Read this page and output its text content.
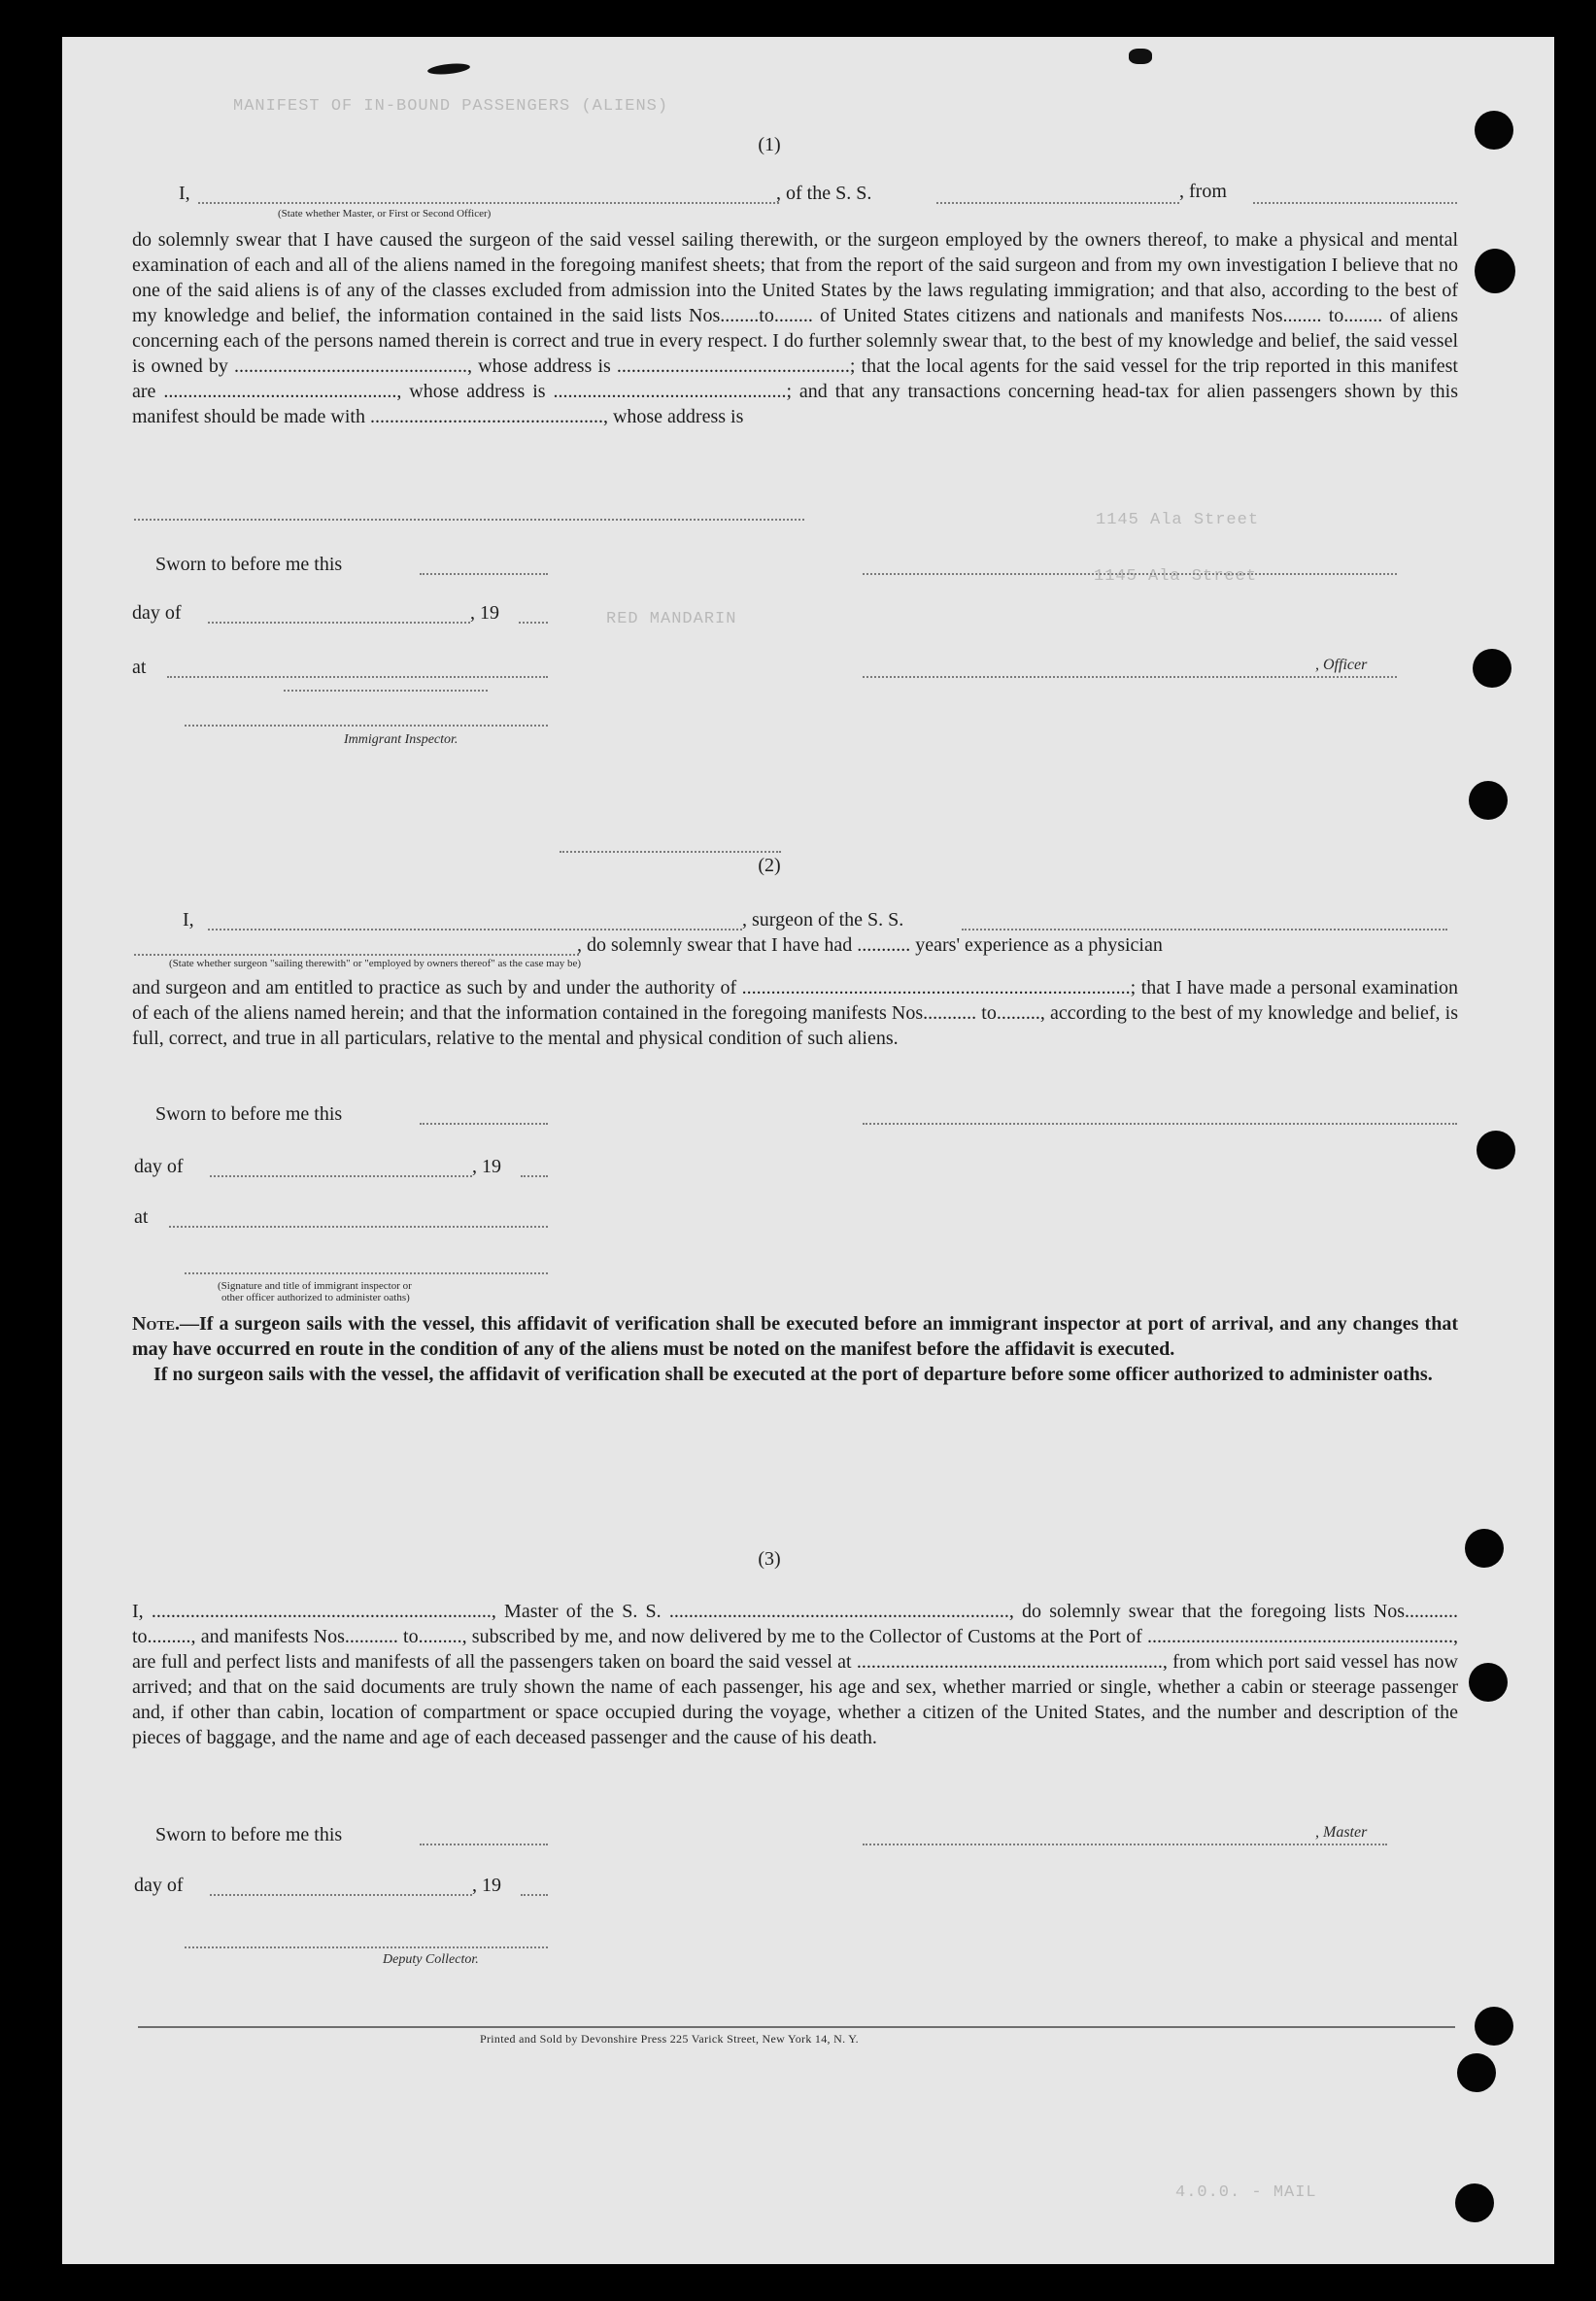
(1)
I,	, of the S. S.	, from
(State whether Master, or First or Second Officer)
do solemnly swear that I have caused the surgeon of the said vessel sailing therewith, or the surgeon employed by the owners thereof, to make a physical and mental examination of each and all of the aliens named in the foregoing manifest sheets; that from the report of the said surgeon and from my own investigation I believe that no one of the said aliens is of any of the classes excluded from admission into the United States by the laws regulating immigration; and that also, according to the best of my knowledge and belief, the information contained in the said lists Nos........to........ of United States citizens and nationals and manifests Nos........ to........ of aliens concerning each of the persons named therein is correct and true in every respect. I do further solemnly swear that, to the best of my knowledge and belief, the said vessel is owned by ................................................, whose address is ................................................; that the local agents for the said vessel for the trip reported in this manifest are ................................................, whose address is ................................................; and that any transactions concerning head-tax for alien passengers shown by this manifest should be made with ................................................, whose address is
MANIFEST OF IN-BOUND PASSENGERS (ALIENS)
1145 Ala Street
1145 Ala Street
RED MANDARIN
Sworn to before me this
day of	, 19
at	, Officer
Immigrant Inspector.
(2)
I,	, surgeon of the S. S.
, do solemnly swear that I have had ........... years' experience as a physician
(State whether surgeon "sailing therewith" or "employed by owners thereof" as the case may be)
and surgeon and am entitled to practice as such by and under the authority of ................................................................................; that I have made a personal examination of each of the aliens named herein; and that the information contained in the foregoing manifests Nos........... to........., according to the best of my knowledge and belief, is full, correct, and true in all particulars, relative to the mental and physical condition of such aliens.
Sworn to before me this
day of	, 19
at
(Signature and title of immigrant inspector or
other officer authorized to administer oaths)

Note.—If a surgeon sails with the vessel, this affidavit of verification shall be executed before an immigrant inspector at port of arrival, and any changes that may have occurred en route in the condition of any of the aliens must be noted on the manifest before the affidavit is executed.

If no surgeon sails with the vessel, the affidavit of verification shall be executed at the port of departure before some officer authorized to administer oaths.

(3)
I, ......................................................................, Master of the S. S. ......................................................................, do solemnly swear that the foregoing lists Nos........... to........., and manifests Nos........... to........., subscribed by me, and now delivered by me to the Collector of Customs at the Port of ..............................................................., are full and perfect lists and manifests of all the passengers taken on board the said vessel at ..............................................................., from which port said vessel has now arrived; and that on the said documents are truly shown the name of each passenger, his age and sex, whether married or single, whether a cabin or steerage passenger and, if other than cabin, location of compartment or space occupied during the voyage, whether a citizen of the United States, and the number and description of the pieces of baggage, and the name and age of each deceased passenger and the cause of his death.
Sworn to before me this	, Master
day of	, 19
Deputy Collector.
Printed and Sold by Devonshire Press 225 Varick Street, New York 14, N. Y.
4.0.0. - MAIL
